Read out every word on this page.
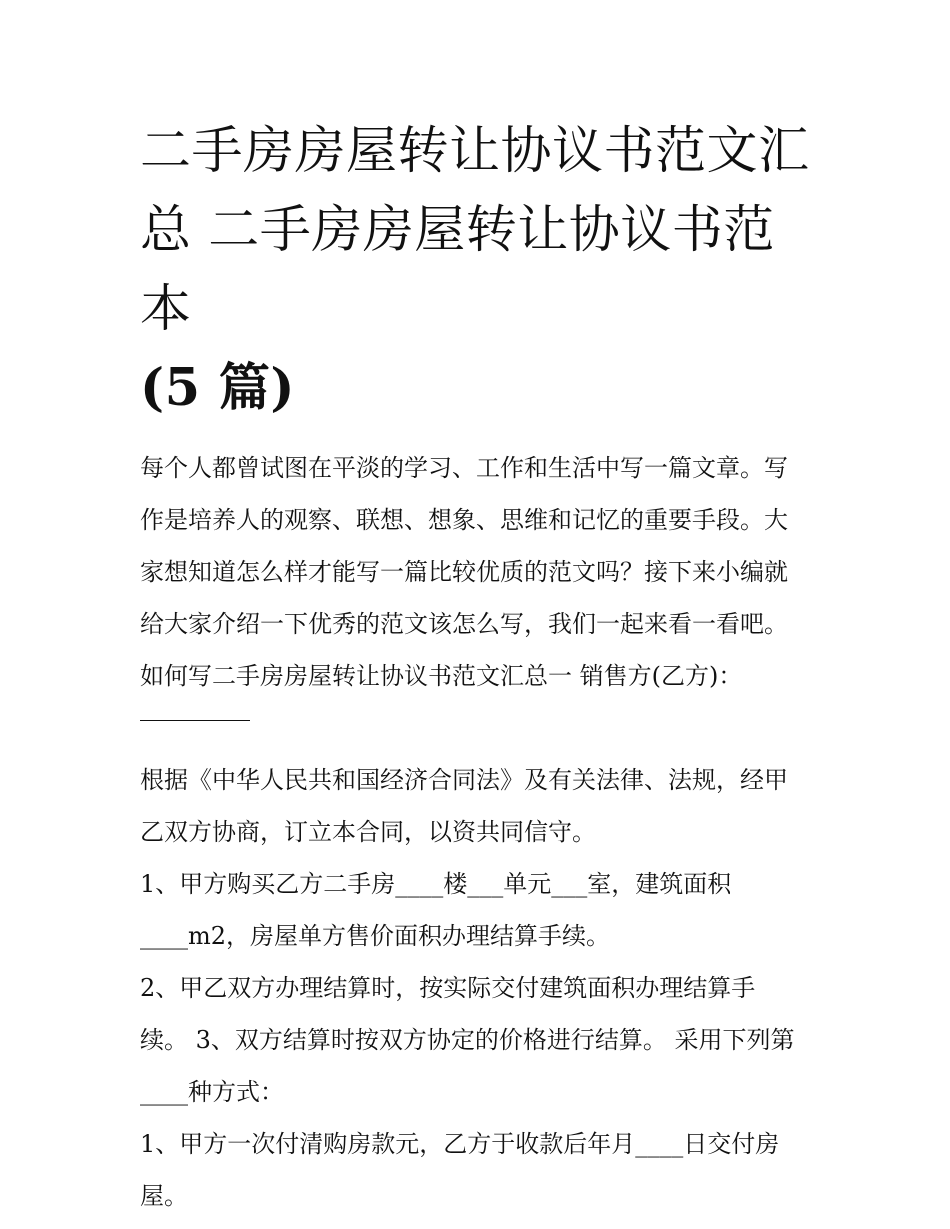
二手房房屋转让协议书范文汇
总 二手房房屋转让协议书范本
(5 篇)
每个人都曾试图在平淡的学习、工作和生活中写一篇文章。写
作是培养人的观察、联想、想象、思维和记忆的重要手段。大
家想知道怎么样才能写一篇比较优质的范文吗？接下来小编就
给大家介绍一下优秀的范文该怎么写，我们一起来看一看吧。
如何写二手房房屋转让协议书范文汇总一 销售方(乙方)：
根据《中华人民共和国经济合同法》及有关法律、法规，经甲
乙双方协商，订立本合同，以资共同信守。
1、甲方购买乙方二手房____楼___单元___室，建筑面积
____m2，房屋单方售价面积办理结算手续。
2、甲乙双方办理结算时，按实际交付建筑面积办理结算手
续。 3、双方结算时按双方协定的价格进行结算。 采用下列第
____种方式：
1、甲方一次付清购房款元，乙方于收款后年月____日交付房
屋。
